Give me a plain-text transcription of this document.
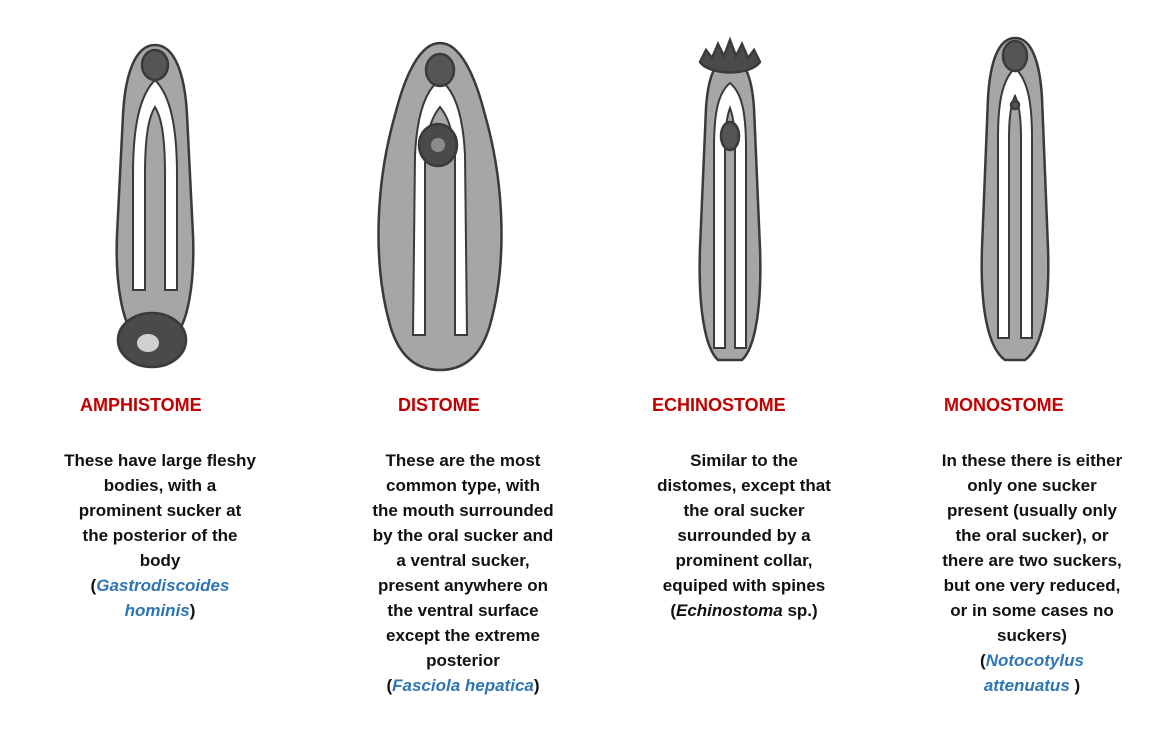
AMPHISTOME
These have large fleshy
bodies, with a
prominent sucker at
the posterior of the
body
(Gastrodiscoides
hominis)
DISTOME
These are the most
common type, with
the mouth surrounded
by the oral sucker and
a ventral sucker,
present anywhere on
the ventral surface
except the extreme
posterior
(Fasciola hepatica)
ECHINOSTOME
Similar to the
distomes, except that
the oral sucker
surrounded by a
prominent collar,
equiped with spines
(Echinostoma sp.)
MONOSTOME
In these there is either
only one sucker
present (usually only
the oral sucker), or
there are two suckers,
but one very reduced,
or in some cases no
suckers)
(Notocotylus
attenuatus )
